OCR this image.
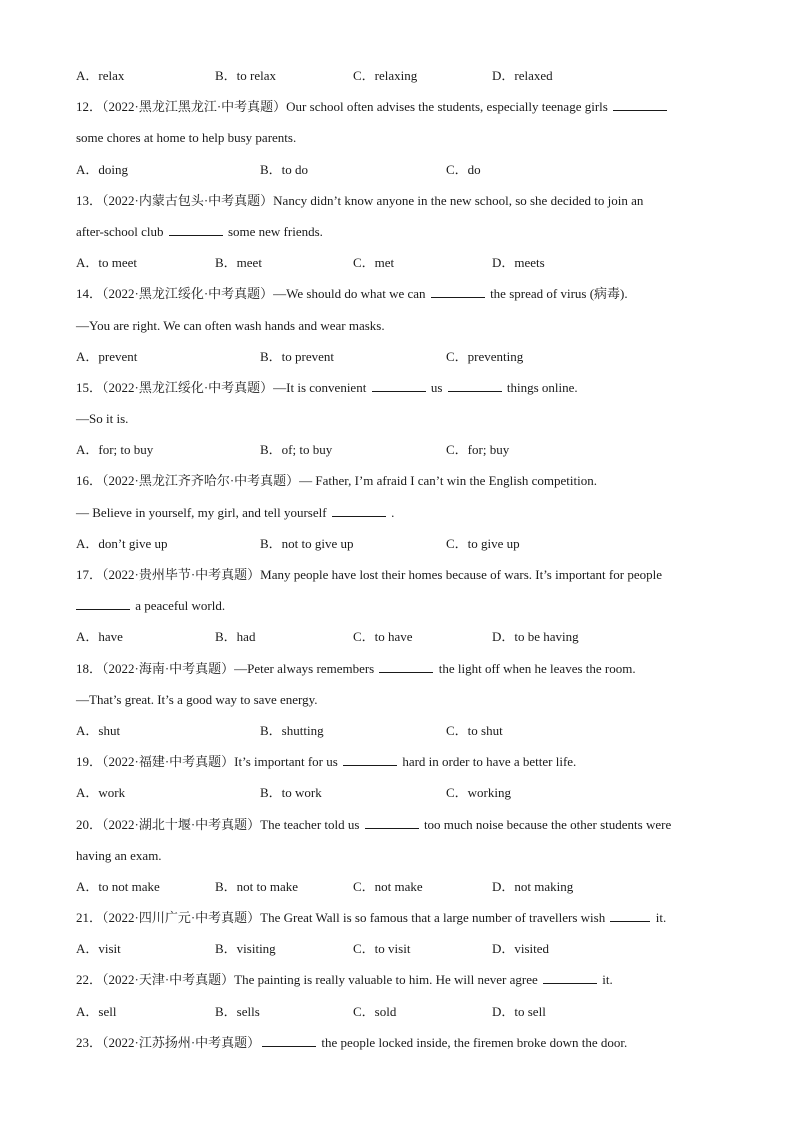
A．relax	B．to relax	C．relaxing	D．relaxed
12．（2022·黑龙江黑龙江·中考真题）Our school often advises the students, especially teenage girls
some chores at home to help busy parents.
A．doing	B．to do	C．do
13．（2022·内蒙古包头·中考真题）Nancy didn’t know anyone in the new school, so she decided to join an
after-school club	some new friends.
A．to meet	B．meet	C．met	D．meets
14．（2022·黑龙江绥化·中考真题）—We should do what we can	the spread of virus (病毒).
—You are right. We can often wash hands and wear masks.
A．prevent	B．to prevent	C．preventing
15．（2022·黑龙江绥化·中考真题）—It is convenient	us	things online.
—So it is.
A．for; to buy	B．of; to buy	C．for; buy
16．（2022·黑龙江齐齐哈尔·中考真题）— Father, I’m afraid I can’t win the English competition.
— Believe in yourself, my girl, and tell yourself	.
A．don’t give up	B．not to give up	C．to give up
17．（2022·贵州毕节·中考真题）Many people have lost their homes because of wars. It’s important for people
a peaceful world.
A．have	B．had	C．to have	D．to be having
18．（2022·海南·中考真题）—Peter always remembers	the light off when he leaves the room.
—That’s great. It’s a good way to save energy.
A．shut	B．shutting	C．to shut
19．（2022·福建·中考真题）It’s important for us	hard in order to have a better life.
A．work	B．to work	C．working
20．（2022·湖北十堰·中考真题）The teacher told us	too much noise because the other students were
having an exam.
A．to not make	B．not to make	C．not make	D．not making
21．（2022·四川广元·中考真题）The Great Wall is so famous that a large number of travellers wish	it.
A．visit	B．visiting	C．to visit	D．visited
22．（2022·天津·中考真题）The painting is really valuable to him. He will never agree	it.
A．sell	B．sells	C．sold	D．to sell
23．（2022·江苏扬州·中考真题）	the people locked inside, the firemen broke down the door.
